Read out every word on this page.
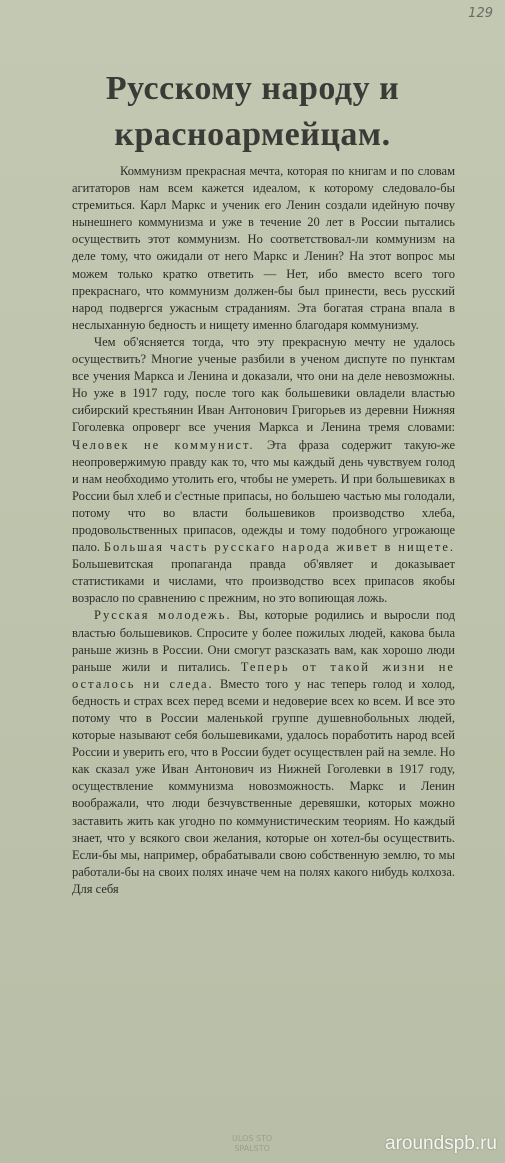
129
Русскому народу и красноармейцам.

Коммунизм прекрасная мечта, которая по книгам и по словам агитаторов нам всем кажется идеалом, к которому следовало-бы стремиться. Карл Маркс и ученик его Ленин создали идейную почву нынешнего коммунизма и уже в течение 20 лет в России пытались осуществить этот коммунизм. Но соответствовал-ли коммунизм на деле тому, что ожидали от него Маркс и Ленин? На этот вопрос мы можем только кратко ответить — Нет, ибо вместо всего того прекраснаго, что коммунизм должен-бы был принести, весь русский народ подвергся ужасным страданиям. Эта богатая страна впала в неслыханную бедность и нищету именно благодаря коммунизму.

Чем об'ясняется тогда, что эту прекрасную мечту не удалось осуществить? Многие ученые разбили в ученом диспуте по пунктам все учения Маркса и Ленина и доказали, что они на деле невозможны. Но уже в 1917 году, после того как большевики овладели властью сибирский крестьянин Иван Антонович Григорьев из деревни Нижняя Гоголевка опроверг все учения Маркса и Ленина тремя словами: Человек не коммунист. Эта фраза содержит такую-же неопровержимую правду как то, что мы каждый день чувствуем голод и нам необходимо утолить его, чтобы не умереть. И при большевиках в России был хлеб и с'естные припасы, но большею частью мы голодали, потому что во власти большевиков производство хлеба, продовольственных припасов, одежды и тому подобного угрожающе пало. Большая часть русскаго народа живет в нищете. Большевитская пропаганда правда об'являет и доказывает статистиками и числами, что производство всех припасов якобы возрасло по сравнению с прежним, но это вопиющая ложь.

Русская молодежь. Вы, которые родились и выросли под властью большевиков. Спросите у более пожилых людей, какова была раньше жизнь в России. Они смогут разсказать вам, как хорошо люди раньше жили и питались. Теперь от такой жизни не осталось ни следа. Вместо того у нас теперь голод и холод, бедность и страх всех перед всеми и недоверие всех ко всем. И все это потому что в России маленькой группе душевнобольных людей, которые называют себя большевиками, удалось поработить народ всей России и уверить его, что в России будет осуществлен рай на земле. Но как сказал уже Иван Антонович из Нижней Гоголевки в 1917 году, осуществление коммунизма новозможность. Маркс и Ленин воображали, что люди безчувственные деревяшки, которых можно заставить жить как угодно по коммунистическим теориям. Но каждый знает, что у всякого свои желания, которые он хотел-бы осуществить. Если-бы мы, например, обрабатывали свою собственную землю, то мы работали-бы на своих полях иначе чем на полях какого нибудь колхоза. Для себя

ULOS STO
SPALSTO	aroundspb.ru
